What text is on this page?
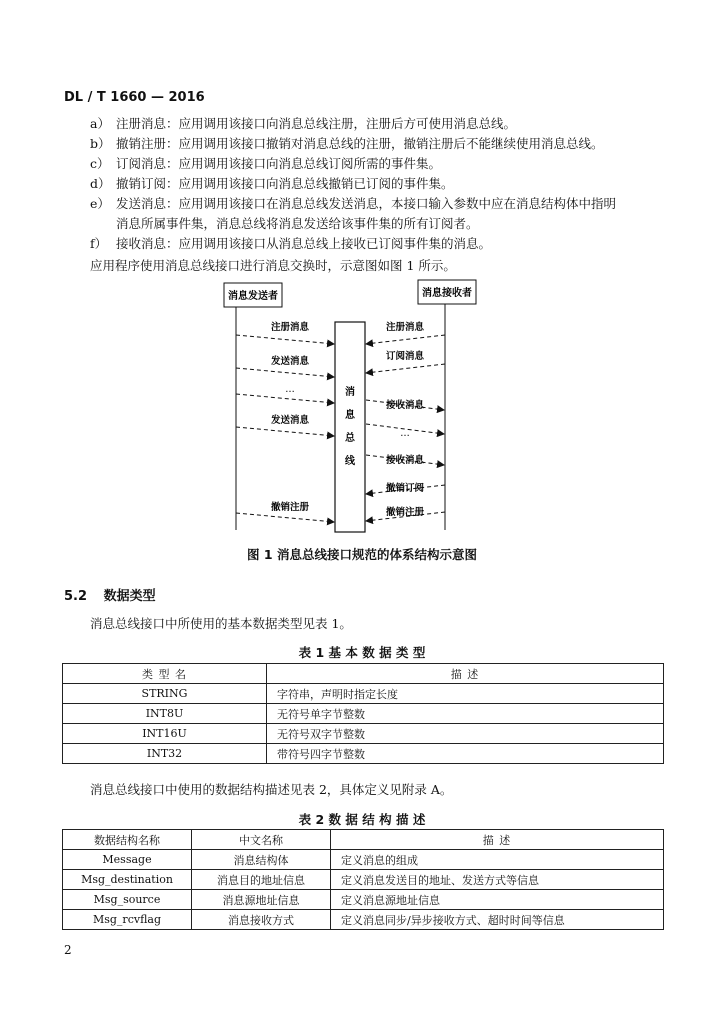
DL / T 1660 — 2016
a） 注册消息：应用调用该接口向消息总线注册，注册后方可使用消息总线。
b） 撤销注册：应用调用该接口撤销对消息总线的注册，撤销注册后不能继续使用消息总线。
c） 订阅消息：应用调用该接口向消息总线订阅所需的事件集。
d） 撤销订阅：应用调用该接口向消息总线撤销已订阅的事件集。
e） 发送消息：应用调用该接口在消息总线发送消息，本接口输入参数中应在消息结构体中指明
消息所属事件集，消息总线将消息发送给该事件集的所有订阅者。
f） 接收消息：应用调用该接口从消息总线上接收已订阅事件集的消息。
应用程序使用消息总线接口进行消息交换时，示意图如图 1 所示。
消息发送者	消息接收者
消
息
总
线
注册消息
发送消息
…
发送消息
撤销注册
注册消息
订阅消息
接收消息
…
接收消息
撤销订阅
撤销注册
图 1 消息总线接口规范的体系结构示意图
5.2 数据类型
消息总线接口中所使用的基本数据类型见表 1。
表 1 基 本 数 据 类 型
类 型 名	描 述
STRING	字符串，声明时指定长度
INT8U	无符号单字节整数
INT16U	无符号双字节整数
INT32	带符号四字节整数
消息总线接口中使用的数据结构描述见表 2，具体定义见附录 A。
表 2 数 据 结 构 描 述
数据结构名称	中文名称	描 述
Message	消息结构体	定义消息的组成
Msg_destination	消息目的地址信息	定义消息发送目的地址、发送方式等信息
Msg_source	消息源地址信息	定义消息源地址信息
Msg_rcvflag	消息接收方式	定义消息同步/异步接收方式、超时时间等信息
2
